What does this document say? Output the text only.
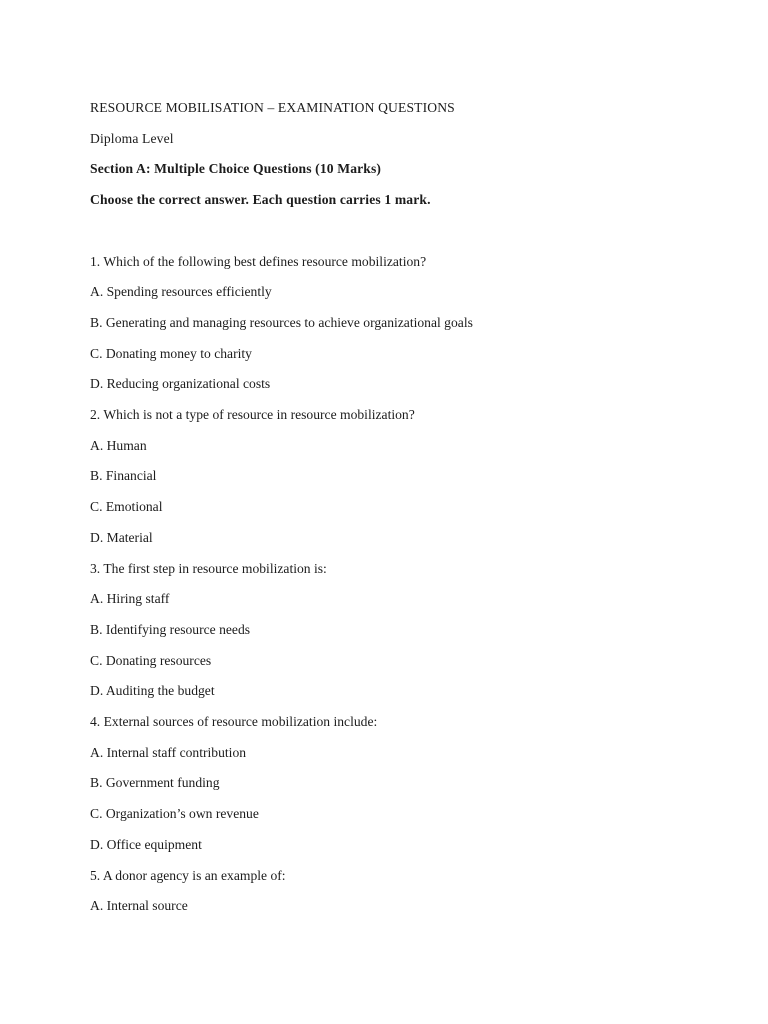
RESOURCE MOBILISATION – EXAMINATION QUESTIONS

Diploma Level

Section A: Multiple Choice Questions (10 Marks)

Choose the correct answer. Each question carries 1 mark.

1. Which of the following best defines resource mobilization?

A. Spending resources efficiently

B. Generating and managing resources to achieve organizational goals

C. Donating money to charity

D. Reducing organizational costs

2. Which is not a type of resource in resource mobilization?

A. Human

B. Financial

C. Emotional

D. Material

3. The first step in resource mobilization is:

A. Hiring staff

B. Identifying resource needs

C. Donating resources

D. Auditing the budget

4. External sources of resource mobilization include:

A. Internal staff contribution

B. Government funding

C. Organization’s own revenue

D. Office equipment

5. A donor agency is an example of:

A. Internal source
